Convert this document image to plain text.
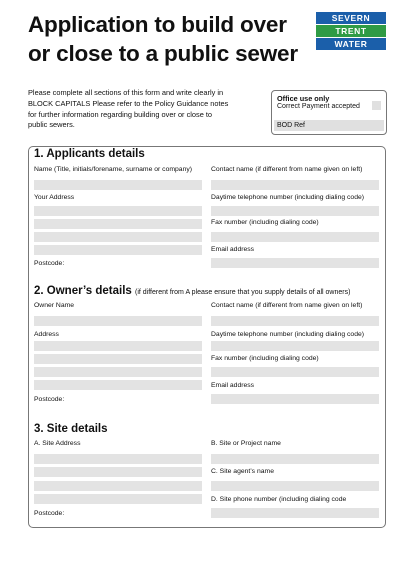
Application to build over
or close to a public sewer
SEVERN
TRENT
WATER
Please complete all sections of this form and write clearly in
BLOCK CAPITALS Please refer to the Policy Guidance notes
for further information regarding building over or close to
public sewers.
Office use only
Correct Payment accepted
BOD Ref
1. Applicants details
Name (Title, initials/forename, surname or company)	Contact name (if different from name given on left)
Your Address	Daytime telephone number (including dialing code)
Fax number (including dialing code)
Email address
Postcode:
2. Owner’s details (if different from A please ensure that you supply details of all owners)
Owner Name	Contact name (if different from name given on left)
Address	Daytime telephone number (including dialing code)
Fax number (including dialing code)
Email address
Postcode:
3. Site details
A. Site Address	B. Site or Project name
C. Site agent’s name
D. Site phone number (including dialing code
Postcode:
